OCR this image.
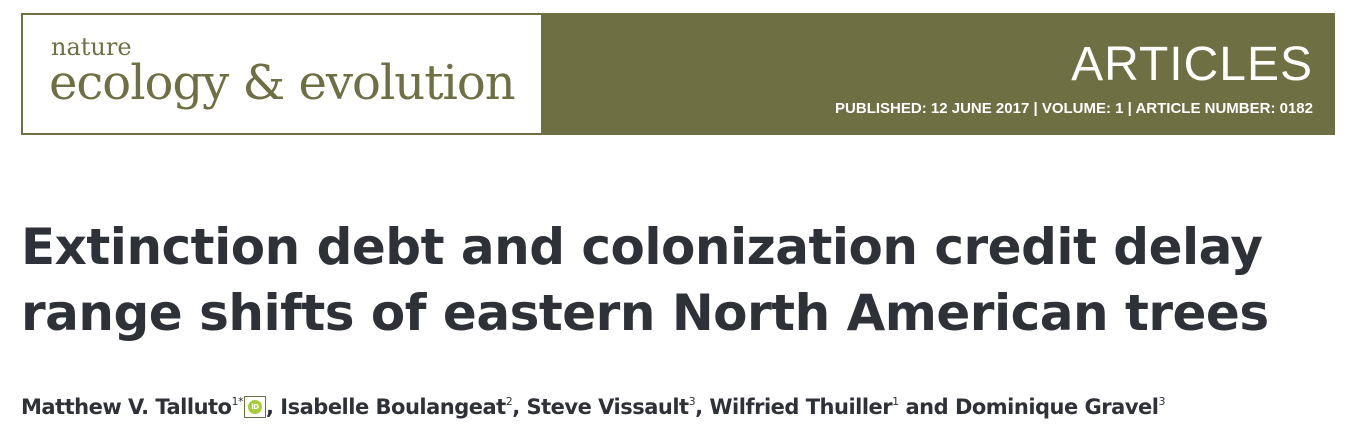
nature
ecology & evolution	ARTICLES
PUBLISHED: 12 JUNE 2017 | VOLUME: 1 | ARTICLE NUMBER: 0182
Extinction debt and colonization credit delay
range shifts of eastern North American trees
Matthew V. Talluto$^{1*}$	iD , Isabelle Boulangeat$^2$, Steve Vissault$^3$, Wilfried Thuiller$^1$ and Dominique Gravel$^3$
